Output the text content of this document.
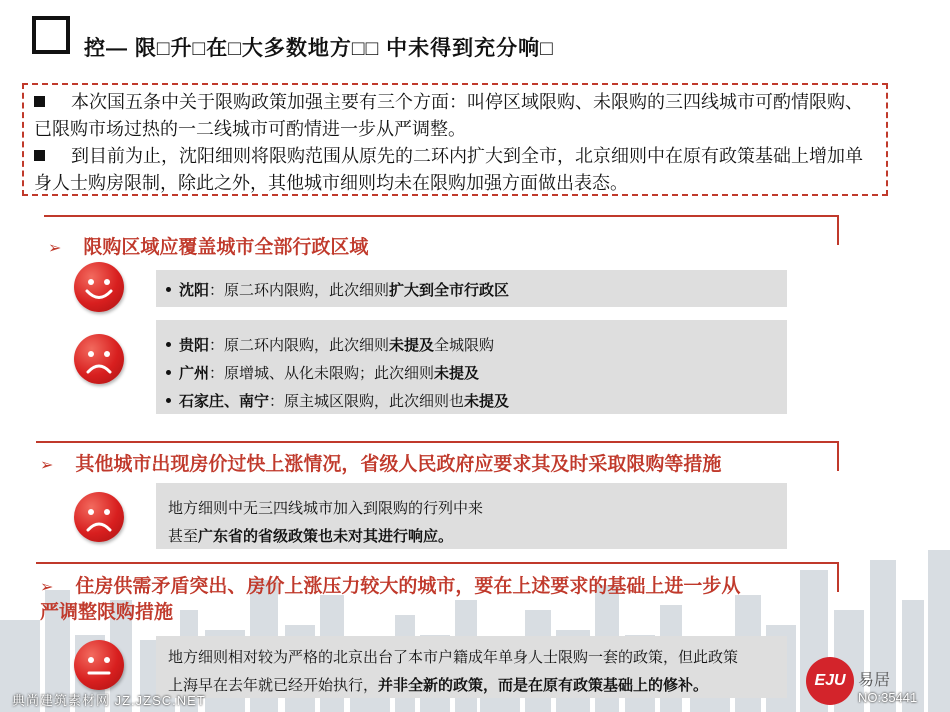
控— 限□升□在□大多数地方□□ 中未得到充分响□

本次国五条中关于限购政策加强主要有三个方面：叫停区域限购、未限购的三四线城市可酌情限购、已限购市场过热的一二线城市可酌情进一步从严调整。

到目前为止，沈阳细则将限购范围从原先的二环内扩大到全市，北京细则中在原有政策基础上增加单身人士购房限制，除此之外，其他城市细则均未在限购加强方面做出表态。

➢ 限购区域应覆盖城市全部行政区域
沈阳：原二环内限购，此次细则扩大到全市行政区
贵阳：原二环内限购，此次细则未提及全城限购
广州：原增城、从化未限购；此次细则未提及
石家庄、南宁：原主城区限购，此次细则也未提及
➢ 其他城市出现房价过快上涨情况，省级人民政府应要求其及时采取限购等措施
地方细则中无三四线城市加入到限购的行列中来
甚至广东省的省级政策也未对其进行响应。
➢ 住房供需矛盾突出、房价上涨压力较大的城市，要在上述要求的基础上进一步从
严调整限购措施
地方细则相对较为严格的北京出台了本市户籍成年单身人士限购一套的政策，但此政策
上海早在去年就已经开始执行，并非全新的政策，而是在原有政策基础上的修补。	EJU 易居
典尚建筑素材网 JZ.JZSC.NET	NO:35441
